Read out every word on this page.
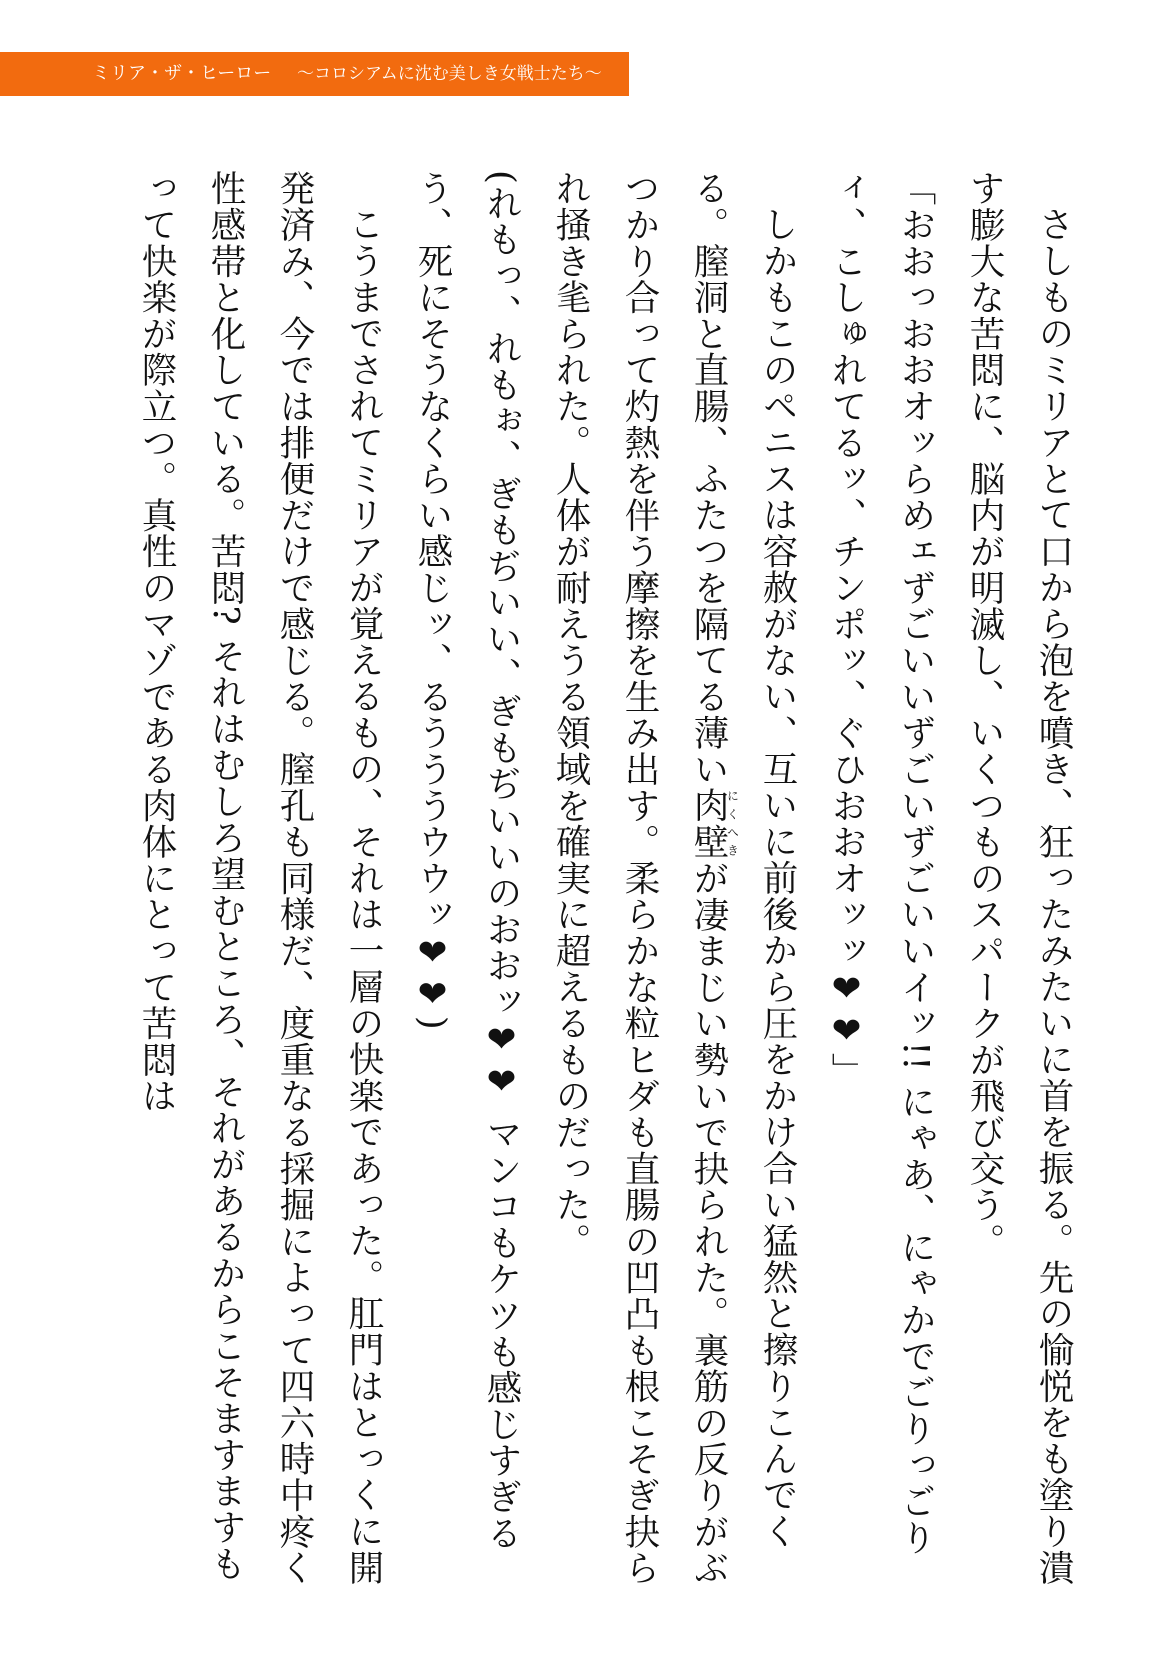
ミリア・ザ・ヒーロー 〜コロシアムに沈む美しき女戦士たち〜

さしものミリアとて口から泡を噴き、狂ったみたいに首を振る。先の愉悦をも塗り潰す膨大な苦悶に、脳内が明滅し、いくつものスパークが飛び交う。

「おおっおおオッらめェずごいいずごいずごいいイッ!! にゃあ、にゃかでごりっごりィ、こしゅれてるッ、チンポッ、ぐひおおオッッ❤❤」

しかもこのペニスは容赦がない、互いに前後から圧をかけ合い猛然と擦りこんでくる。膣洞と直腸、ふたつを隔てる薄い肉壁にくへきが凄まじい勢いで抉られた。裏筋の反りがぶつかり合って灼熱を伴う摩擦を生み出す。柔らかな粒ヒダも直腸の凹凸も根こそぎ抉られ掻き毟られた。人体が耐えうる領域を確実に超えるものだった。

(れもっ、れもぉ、ぎもぢいい、ぎもぢいいのおおッ❤❤ マンコもケツも感じすぎるう、死にそうなくらい感じッ、るうううウウッ❤❤)

こうまでされてミリアが覚えるもの、それは一層の快楽であった。肛門はとっくに開発済み、今では排便だけで感じる。膣孔も同様だ、度重なる採掘によって四六時中疼く性感帯と化している。苦悶? それはむしろ望むところ、それがあるからこそますますもって快楽が際立つ。真性のマゾである肉体にとって苦悶は
